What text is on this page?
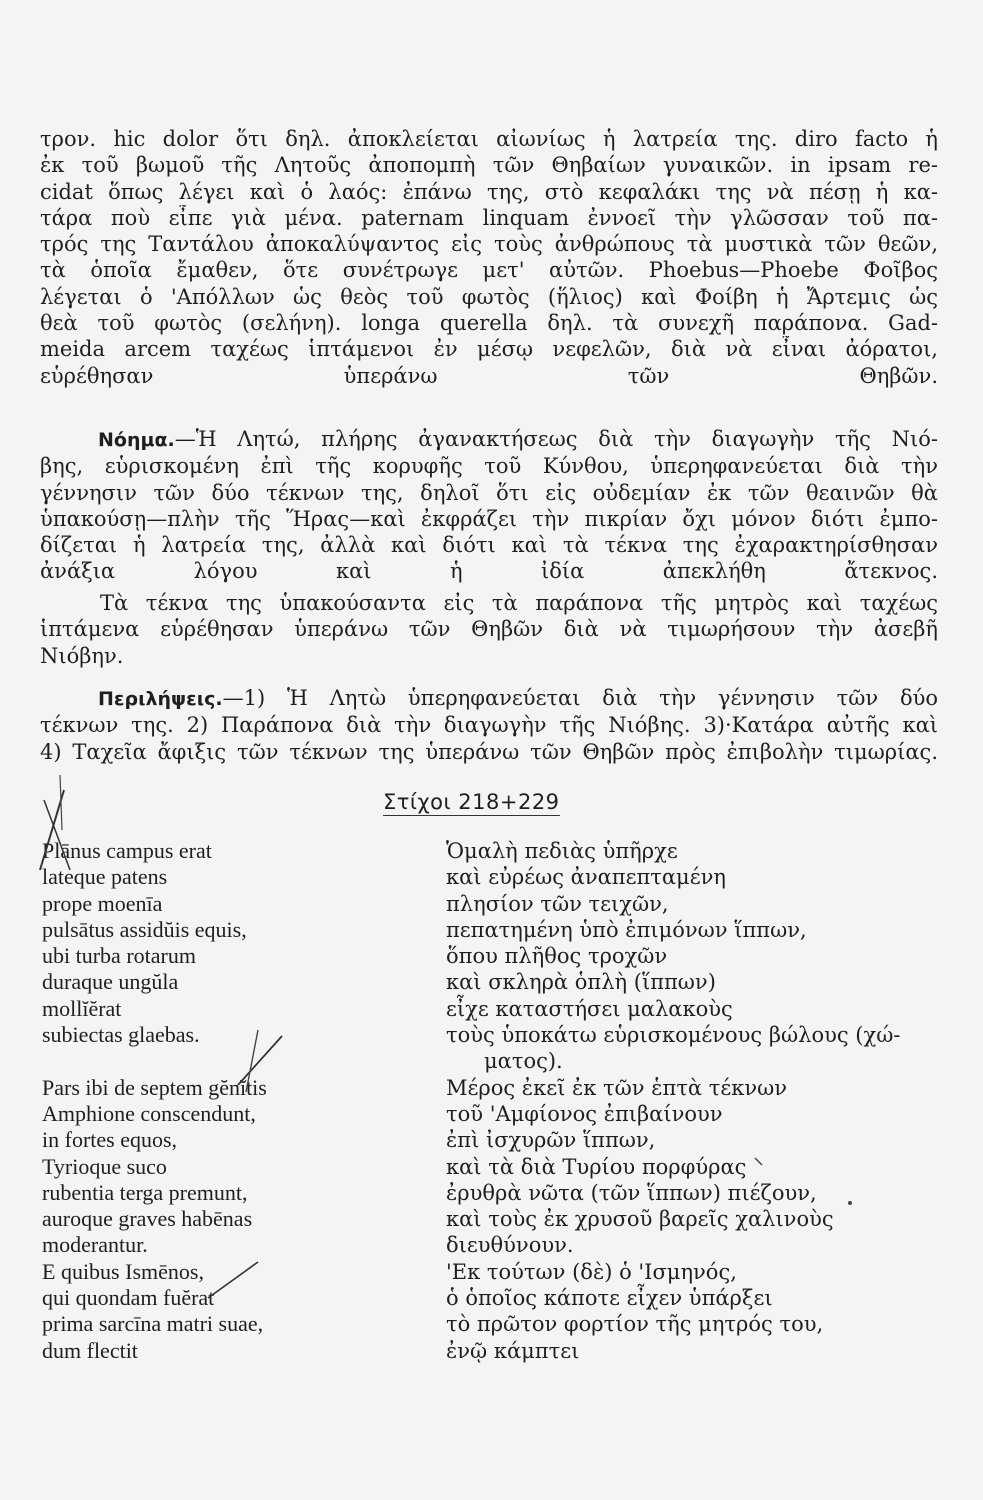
τρον. hic dolor ὅτι δηλ. ἀποκλείεται αἰωνίως ἡ λατρεία της. diro facto ἡ
ἐκ τοῦ βωμοῦ τῆς Λητοῦς ἀποπομπὴ τῶν Θηβαίων γυναικῶν. in ipsam re-
cidat ὅπως λέγει καὶ ὁ λαός: ἐπάνω της, στὸ κεφαλάκι της νὰ πέσῃ ἡ κα-
τάρα ποὺ εἶπε γιὰ μένα. paternam linquam ἐννοεῖ τὴν γλῶσσαν τοῦ πα-
τρός της Ταντάλου ἀποκαλύψαντος εἰς τοὺς ἀνθρώπους τὰ μυστικὰ τῶν θεῶν,
τὰ ὁποῖα ἔμαθεν, ὅτε συνέτρωγε μετ' αὐτῶν. Phoebus—Phoebe Φοῖβος
λέγεται ὁ 'Απόλλων ὡς θεὸς τοῦ φωτὸς (ἥλιος) καὶ Φοίβη ἡ Ἄρτεμις ὡς
θεὰ τοῦ φωτὸς (σελήνη). longa querella δηλ. τὰ συνεχῆ παράπονα. Gad-
meida arcem ταχέως ἱπτάμενοι ἐν μέσῳ νεφελῶν, διὰ νὰ εἶναι ἀόρατοι,
εὑρέθησαν ὑπεράνω τῶν Θηβῶν.
Νόημα.—Ἡ Λητώ, πλήρης ἀγανακτήσεως διὰ τὴν διαγωγὴν τῆς Νιό-
βης, εὑρισκομένη ἐπὶ τῆς κορυφῆς τοῦ Κύνθου, ὑπερηφανεύεται διὰ τὴν
γέννησιν τῶν δύο τέκνων της, δηλοῖ ὅτι εἰς οὐδεμίαν ἐκ τῶν θεαινῶν θὰ
ὑπακούσῃ—πλὴν τῆς Ἥρας—καὶ ἐκφράζει τὴν πικρίαν ὄχι μόνον διότι ἐμπο-
δίζεται ἡ λατρεία της, ἀλλὰ καὶ διότι καὶ τὰ τέκνα της ἐχαρακτηρίσθησαν
ἀνάξια λόγου καὶ ἡ ἰδία ἀπεκλήθη ἄτεκνος.
Τὰ τέκνα της ὑπακούσαντα εἰς τὰ παράπονα τῆς μητρὸς καὶ ταχέως
ἱπτάμενα εὑρέθησαν ὑπεράνω τῶν Θηβῶν διὰ νὰ τιμωρήσουν τὴν ἀσεβῆ
Νιόβην.
Περιλήψεις.—1) Ἡ Λητὼ ὑπερηφανεύεται διὰ τὴν γέννησιν τῶν δύο
τέκνων της. 2) Παράπονα διὰ τὴν διαγωγὴν τῆς Νιόβης. 3)·Κατάρα αὐτῆς καὶ
4) Ταχεῖα ἄφιξις τῶν τέκνων της ὑπεράνω τῶν Θηβῶν πρὸς ἐπιβολὴν τιμωρίας.
Στίχοι 218+229
Plānus campus erat
lateque patens
prope moenīa
pulsātus assidŭis equis,
ubi turba rotarum
duraque ungŭla
mollĭĕrat
subiectas glaebas.
Pars ibi de septem gĕnĭtis
Amphione conscendunt,
in fortes equos,
Tyrioque suco
rubentia terga premunt,
auroque graves habēnas
moderantur.
E quibus Ismēnos,
qui quondam fuĕrat
prima sarcīna matri suae,
dum flectit
Ὁμαλὴ πεδιὰς ὑπῆρχε
καὶ εὐρέως ἀναπεπταμένη
πλησίον τῶν τειχῶν,
πεπατημένη ὑπὸ ἐπιμόνων ἵππων,
ὅπου πλῆθος τροχῶν
καὶ σκληρὰ ὁπλὴ (ἵππων)
εἶχε καταστήσει μαλακοὺς
τοὺς ὑποκάτω εὑρισκομένους βώλους (χώ-
ματος).
Μέρος ἐκεῖ ἐκ τῶν ἑπτὰ τέκνων
τοῦ 'Αμφίονος ἐπιβαίνουν
ἐπὶ ἰσχυρῶν ἵππων,
καὶ τὰ διὰ Τυρίου πορφύρας
ἐρυθρὰ νῶτα (τῶν ἵππων) πιέζουν,
καὶ τοὺς ἐκ χρυσοῦ βαρεῖς χαλινοὺς
διευθύνουν.
'Εκ τούτων (δὲ) ὁ 'Ισμηνός,
ὁ ὁποῖος κάποτε εἶχεν ὑπάρξει
τὸ πρῶτον φορτίον τῆς μητρός του,
ἐνῷ κάμπτει
